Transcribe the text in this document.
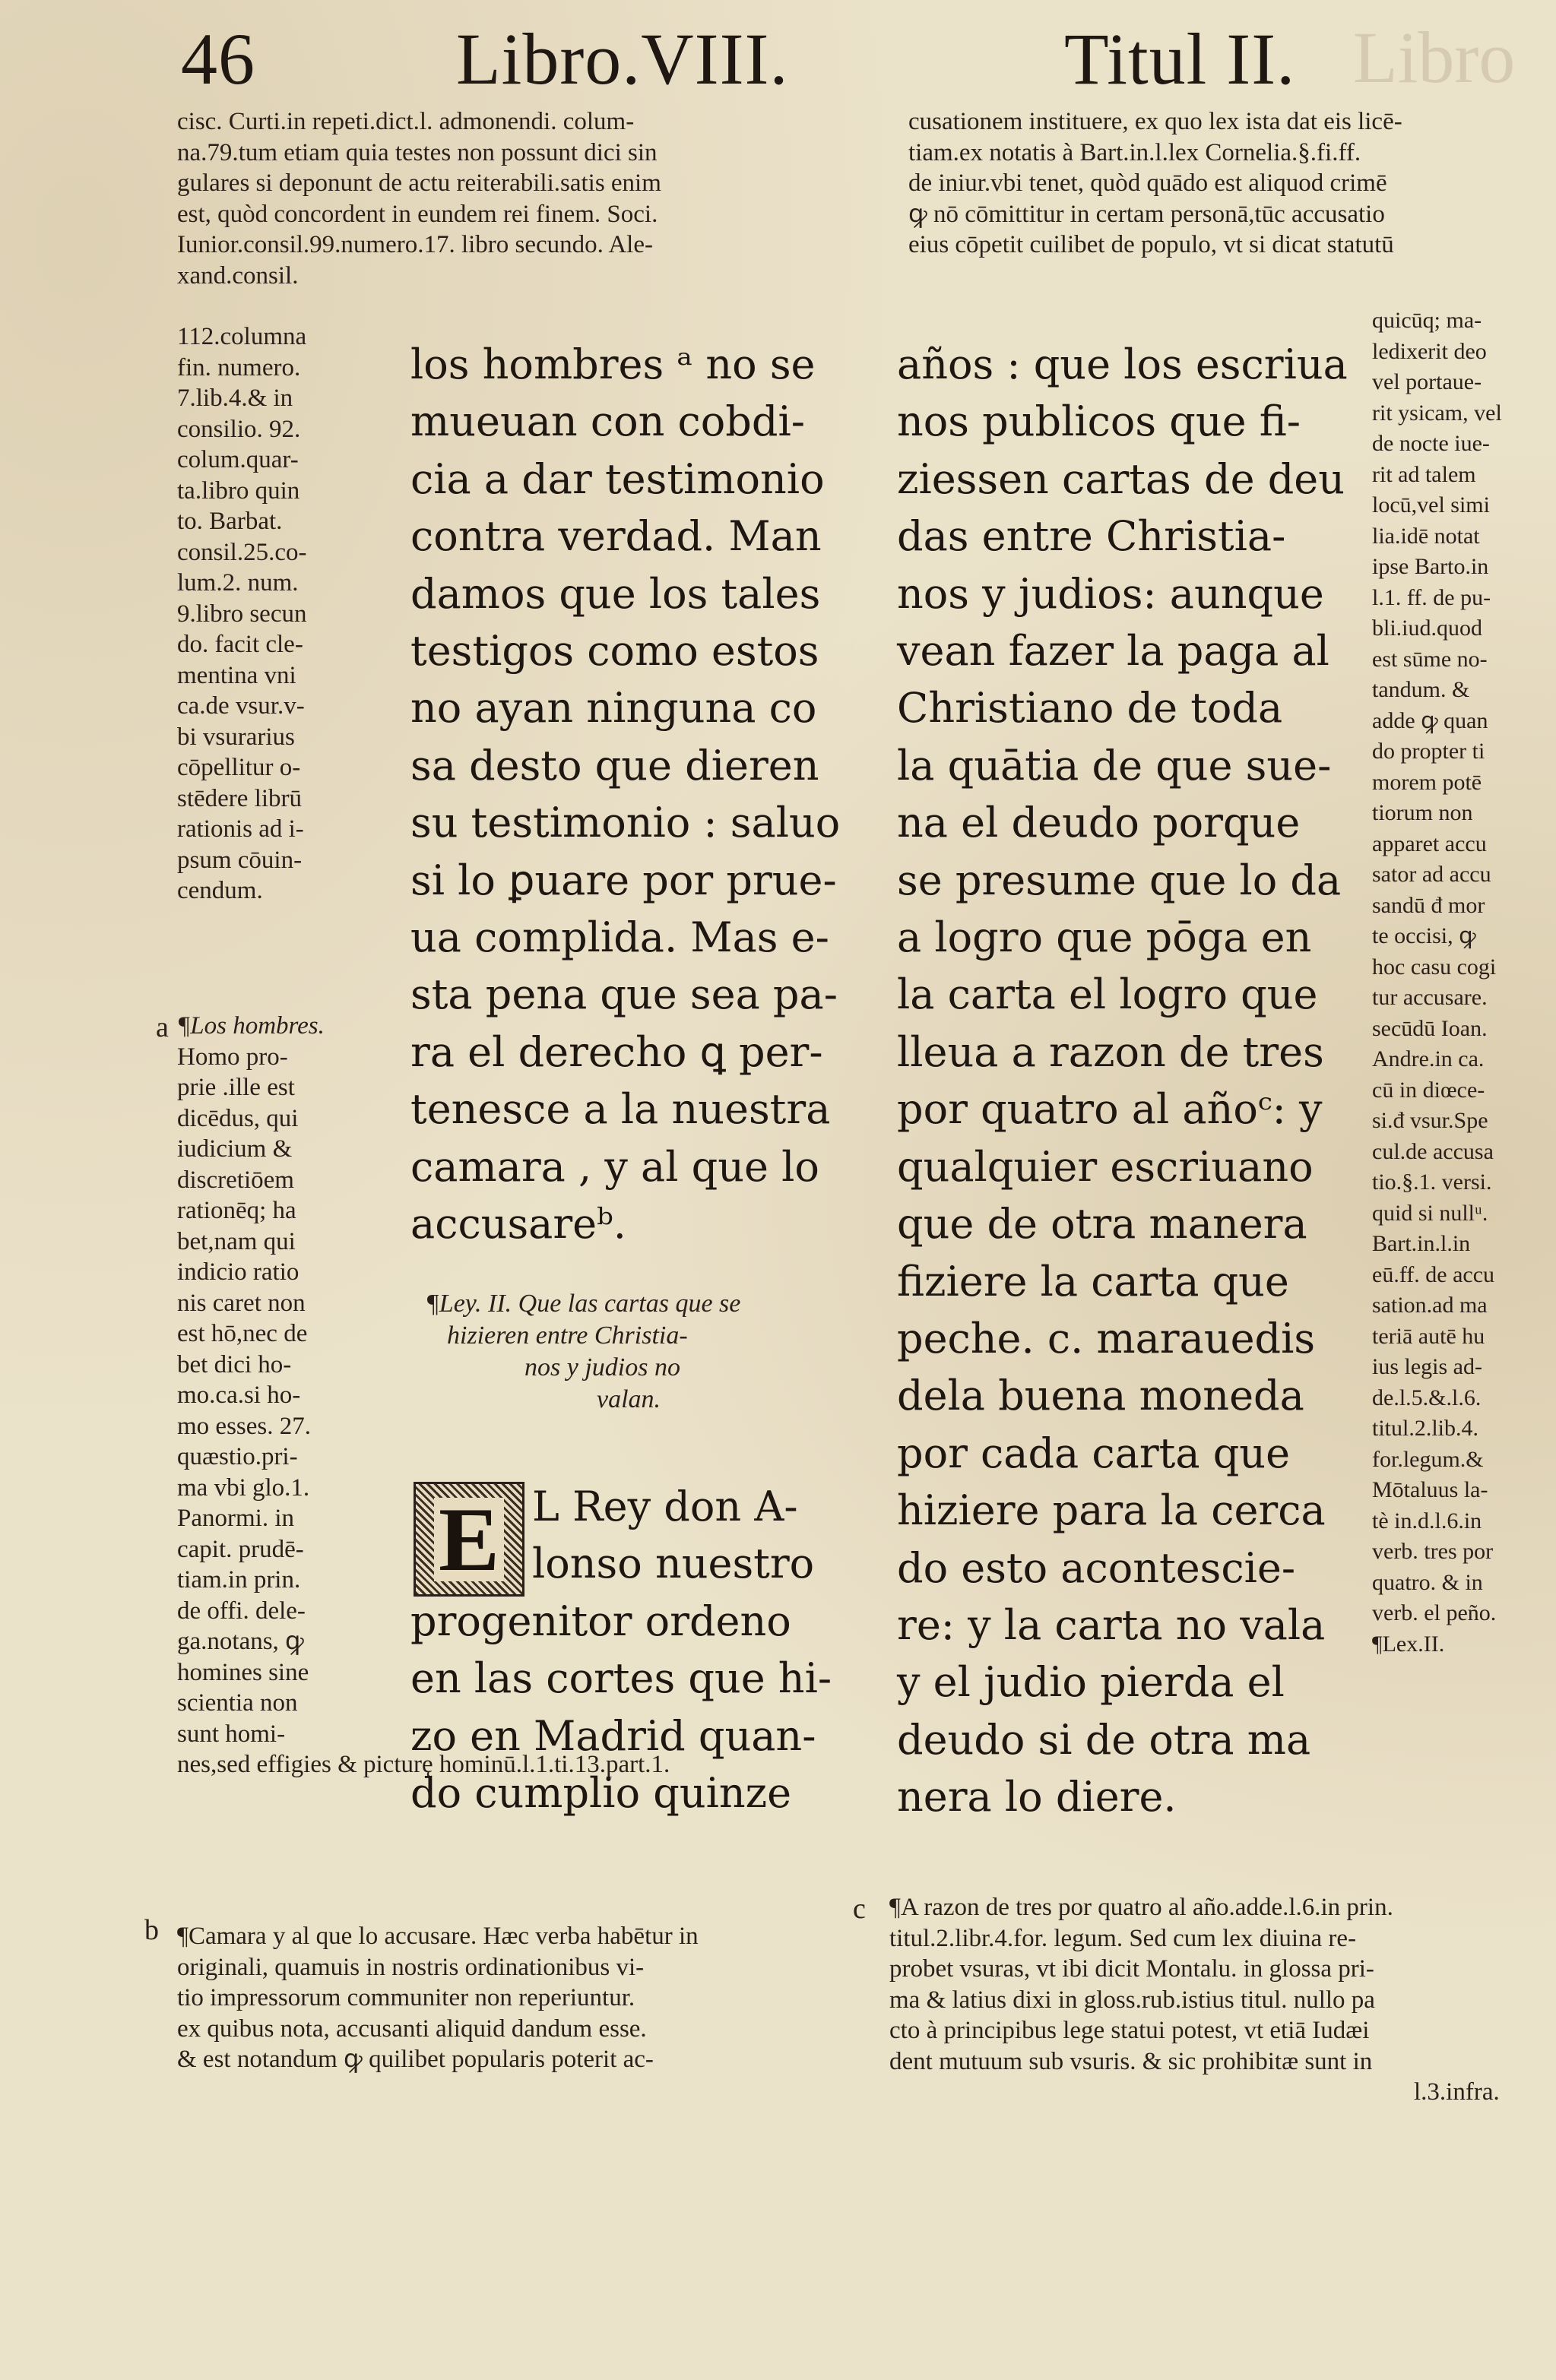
46	Libro.VIII.	Titul II. Libro
cisc. Curti.in repeti.dict.l. admonendi. colum-
na.79.tum etiam quia testes non possunt dici sin
gulares si deponunt de actu reiterabili.satis enim
est, quòd concordent in eundem rei finem. Soci.
Iunior.consil.99.numero.17. libro secundo. Ale-
xand.consil.
112.columna
fin. numero.
7.lib.4.& in
consilio. 92.
colum.quar-
ta.libro quin
to. Barbat.
consil.25.co-
lum.2. num.
9.libro secun
do. facit cle-
mentina vni
ca.de vsur.v-
bi vsurarius
cōpellitur o-
stēdere librū
rationis ad i-
psum cōuin-
cendum.
a ¶Los hombres.
Homo pro-
prie .ille est
dicēdus, qui
iudicium &
discretiōem
rationēq; ha
bet,nam qui
indicio ratio
nis caret non
est hō,nec de
bet dici ho-
mo.ca.si ho-
mo esses. 27.
quæstio.pri-
ma vbi glo.1.
Panormi. in
capit. prudē-
tiam.in prin.
de offi. dele-
ga.notans, ꝙ
homines sine
scientia non
sunt homi-
nes,sed effigies & picturę hominū.l.1.ti.13.part.1.
b ¶Camara y al que lo accusare. Hæc verba habētur in
originali, quamuis in nostris ordinationibus vi-
tio impressorum communiter non reperiuntur.
ex quibus nota, accusanti aliquid dandum esse.
& est notandum ꝙ quilibet popularis poterit ac-
los hombres ᵃ no se
mueuan con cobdi-
cia a dar testimonio
contra verdad. Man
damos que los tales
testigos como estos
no ayan ninguna co
sa desto que dieren
su testimonio : saluo
si lo ꝑuare por prue-
ua complida. Mas e-
sta pena que sea pa-
ra el derecho ꝗ per-
tenesce a la nuestra
camara , y al que lo
accusareᵇ.
¶Ley. II. Que las cartas que se
hizieren entre Christia-
nos y judios no
valan.
E L Rey don A-
lonso nuestro
progenitor ordeno
en las cortes que hi-
zo en Madrid quan-
do cumplio quinze
cusationem instituere, ex quo lex ista dat eis licē-
tiam.ex notatis à Bart.in.l.lex Cornelia.§.fi.ff.
de iniur.vbi tenet, quòd quādo est aliquod crimē
ꝙ nō cōmittitur in certam personā,tūc accusatio
eius cōpetit cuilibet de populo, vt si dicat statutū
años : que los escriua
nos publicos que fi-
ziessen cartas de deu
das entre Christia-
nos y judios: aunque
vean fazer la paga al
Christiano de toda
la quātia de que sue-
na el deudo porque
se presume que lo da
a logro que pōga en
la carta el logro que
lleua a razon de tres
por quatro al añoᶜ: y
qualquier escriuano
que de otra manera
fiziere la carta que
peche. c. marauedis
dela buena moneda
por cada carta que
hiziere para la cerca
do esto acontescie-
re: y la carta no vala
y el judio pierda el
deudo si de otra ma
nera lo diere.
quicūq; ma-
ledixerit deo
vel portaue-
rit ysicam, vel
de nocte iue-
rit ad talem
locū,vel simi
lia.idē notat
ipse Barto.in
l.1. ff. de pu-
bli.iud.quod
est sūme no-
tandum. &
adde ꝙ quan
do propter ti
morem potē
tiorum non
apparet accu
sator ad accu
sandū đ mor
te occisi, ꝙ
hoc casu cogi
tur accusare.
secūdū Ioan.
Andre.in ca.
cū in diœce-
si.đ vsur.Spe
cul.de accusa
tio.§.1. versi.
quid si nullᵘ.
Bart.in.l.in
eū.ff. de accu
sation.ad ma
teriā autē hu
ius legis ad-
de.l.5.&.l.6.
titul.2.lib.4.
for.legum.&
Mōtaluus la-
tè in.d.l.6.in
verb. tres por
quatro. & in
verb. el peño.
¶Lex.II.
c ¶A razon de tres por quatro al año.adde.l.6.in prin.
titul.2.libr.4.for. legum. Sed cum lex diuina re-
probet vsuras, vt ibi dicit Montalu. in glossa pri-
ma & latius dixi in gloss.rub.istius titul. nullo pa
cto à principibus lege statui potest, vt etiā Iudæi
dent mutuum sub vsuris. & sic prohibitæ sunt in
l.3.infra.
